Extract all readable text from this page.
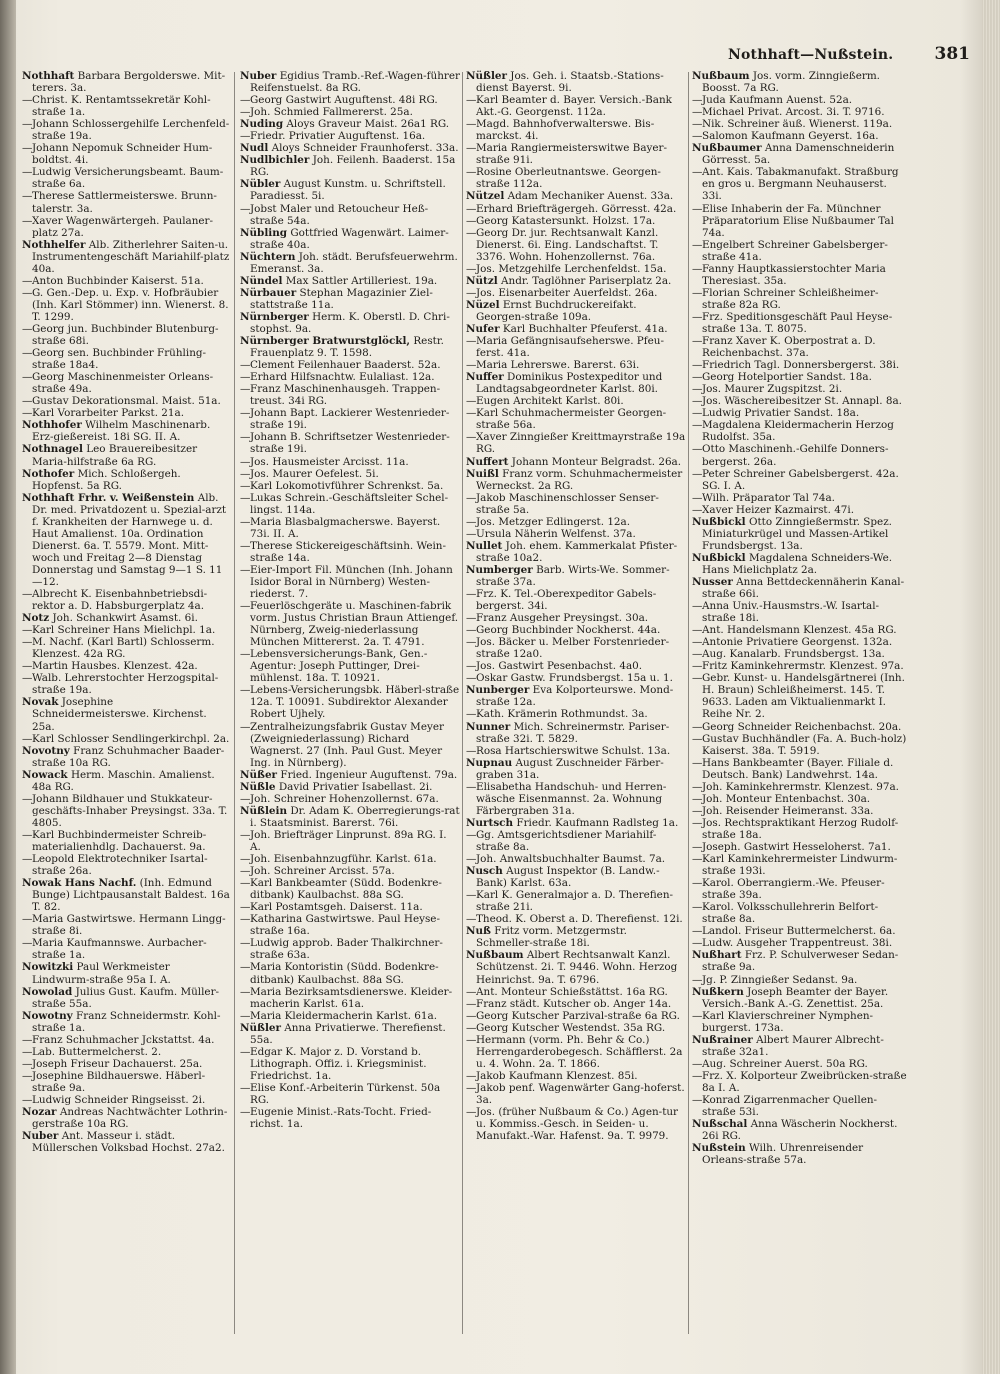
Nothhaft—Nußstein. 381

Nothhaft Barbara Bergolderswe. Mit-terers. 3a.

—Christ. K. Rentamtssekretär Kohl-straße 1a.

—Johann Schlossergehilfe Lerchenfeld-straße 19a.

—Johann Nepomuk Schneider Hum-boldtst. 4i.

—Ludwig Versicherungsbeamt. Baum-straße 6a.

—Therese Sattlermeisterswe. Brunn-talerstr. 3a.

—Xaver Wagenwärtergeh. Paulaner-platz 27a.

Nothhelfer Alb. Zitherlehrer Saiten-u. Instrumentengeschäft Mariahilf-platz 40a.

—Anton Buchbinder Kaiserst. 51a.

—G. Gen.-Dep. u. Exp. v. Hofbräubier (Inh. Karl Stömmer) inn. Wienerst. 8. T. 1299.

—Georg jun. Buchbinder Blutenburg-straße 68i.

—Georg sen. Buchbinder Frühling-straße 18a4.

—Georg Maschinenmeister Orleans-straße 49a.

—Gustav Dekorationsmal. Maist. 51a.

—Karl Vorarbeiter Parkst. 21a.

Nothhofer Wilhelm Maschinenarb. Erz-gießereist. 18i SG. II. A.

Nothnagel Leo Brauereibesitzer Maria-hilfstraße 6a RG.

Nothofer Mich. Schloßergeh. Hopfenst. 5a RG.

Nothhaft Frhr. v. Weißenstein Alb. Dr. med. Privatdozent u. Spezial-arzt f. Krankheiten der Harnwege u. d. Haut Amalienst. 10a. Ordination Dienerst. 6a. T. 5579. Mont. Mitt-woch und Freitag 2—8 Dienstag Donnerstag und Samstag 9—1 S. 11—12.

—Albrecht K. Eisenbahnbetriebsdi-rektor a. D. Habsburgerplatz 4a.

Notz Joh. Schankwirt Asamst. 6i.

—Karl Schreiner Hans Mielichpl. 1a.

—M. Nachf. (Karl Bartl) Schlosserm. Klenzest. 42a RG.

—Martin Hausbes. Klenzest. 42a.

—Walb. Lehrerstochter Herzogspital-straße 19a.

Novak Josephine Schneidermeisterswe. Kirchenst. 25a.

—Karl Schlosser Sendlingerkirchpl. 2a.

Novotny Franz Schuhmacher Baader-straße 10a RG.

Nowack Herm. Maschin. Amalienst. 48a RG.

—Johann Bildhauer und Stukkateur-geschäfts-Inhaber Preysingst. 33a. T. 4805.

—Karl Buchbindermeister Schreib-materialienhdlg. Dachauerst. 9a.

—Leopold Elektrotechniker Isartal-straße 26a.

Nowak Hans Nachf. (Inh. Edmund Bunge) Lichtpausanstalt Baldest. 16a T. 82.

—Maria Gastwirtswe. Hermann Lingg-straße 8i.

—Maria Kaufmannswe. Aurbacher-straße 1a.

Nowitzki Paul Werkmeister Lindwurm-straße 95a I. A.

Nowolad Julius Gust. Kaufm. Müller-straße 55a.

Nowotny Franz Schneidermstr. Kohl-straße 1a.

—Franz Schuhmacher Jckstattst. 4a.

—Lab. Buttermelcherst. 2.

—Joseph Friseur Dachauerst. 25a.

—Josephine Bildhauerswe. Häberl-straße 9a.

—Ludwig Schneider Ringseisst. 2i.

Nozar Andreas Nachtwächter Lothrin-gerstraße 10a RG.

Nuber Ant. Masseur i. städt. Müllerschen Volksbad Hochst. 27a2.

Nuber Egidius Tramb.-Ref.-Wagen-führer Reifenstuelst. 8a RG.

—Georg Gastwirt Auguftenst. 48i RG.

—Joh. Schmied Fallmererst. 25a.

Nuding Aloys Graveur Maist. 26a1 RG.

—Friedr. Privatier Auguftenst. 16a.

Nudl Aloys Schneider Fraunhoferst. 33a.

Nudlbichler Joh. Feilenh. Baaderst. 15a RG.

Nübler August Kunstm. u. Schriftstell. Paradiesst. 5i.

—Jobst Maler und Retoucheur Heß-straße 54a.

Nübling Gottfried Wagenwärt. Laimer-straße 40a.

Nüchtern Joh. städt. Berufsfeuerwehrm. Emeranst. 3a.

Nündel Max Sattler Artilleriest. 19a.

Nürbauer Stephan Magazinier Ziel-stattstraße 11a.

Nürnberger Herm. K. Oberstl. D. Chri-stophst. 9a.

Nürnberger Bratwurstglöckl, Restr. Frauenplatz 9. T. 1598.

—Clement Feilenhauer Baaderst. 52a.

—Erhard Hilfsnachtw. Eulaliast. 12a.

—Franz Maschinenhausgeh. Trappen-treust. 34i RG.

—Johann Bapt. Lackierer Westenrieder-straße 19i.

—Johann B. Schriftsetzer Westenrieder-straße 19i.

—Jos. Hausmeister Arcisst. 11a.

—Jos. Maurer Oefelest. 5i.

—Karl Lokomotivführer Schrenkst. 5a.

—Lukas Schrein.-Geschäftsleiter Schel-lingst. 114a.

—Maria Blasbalgmacherswe. Bayerst. 73i. II. A.

—Therese Stickereigeschäftsinh. Wein-straße 14a.

—Eier-Import Fil. München (Inh. Johann Isidor Boral in Nürnberg) Westen-riederst. 7.

—Feuerlöschgeräte u. Maschinen-fabrik vorm. Justus Christian Braun Attiengef. Nürnberg, Zweig-niederlassung München Mittererst. 2a. T. 4791.

—Lebensversicherungs-Bank, Gen.-Agentur: Joseph Puttinger, Drei-mühlenst. 18a. T. 10921.

—Lebens-Versicherungsbk. Häberl-straße 12a. T. 10091. Subdirektor Alexander Robert Ujhely.

—Zentralheizungsfabrik Gustav Meyer (Zweigniederlassung) Richard Wagnerst. 27 (Inh. Paul Gust. Meyer Ing. in Nürnberg).

Nüßer Fried. Ingenieur Auguftenst. 79a.

Nüßle David Privatier Isabellast. 2i.

—Joh. Schreiner Hohenzollernst. 67a.

Nüßlein Dr. Adam K. Oberregierungs-rat i. Staatsminist. Barerst. 76i.

—Joh. Briefträger Linprunst. 89a RG. I. A.

—Joh. Eisenbahnzugführ. Karlst. 61a.

—Joh. Schreiner Arcisst. 57a.

—Karl Bankbeamter (Südd. Bodenkre-ditbank) Kaulbachst. 88a SG.

—Karl Postamtsgeh. Daiserst. 11a.

—Katharina Gastwirtswe. Paul Heyse-straße 16a.

—Ludwig approb. Bader Thalkirchner-straße 63a.

—Maria Kontoristin (Südd. Bodenkre-ditbank) Kaulbachst. 88a SG.

—Maria Bezirksamtsdienerswe. Kleider-macherin Karlst. 61a.

—Maria Kleidermacherin Karlst. 61a.

Nüßler Anna Privatierwe. Therefienst. 55a.

—Edgar K. Major z. D. Vorstand b. Lithograph. Offiz. i. Kriegsminist. Friedrichst. 1a.

—Elise Konf.-Arbeiterin Türkenst. 50a RG.

—Eugenie Minist.-Rats-Tocht. Fried-richst. 1a.

Nüßler Jos. Geh. i. Staatsb.-Stations-dienst Bayerst. 9i.

—Karl Beamter d. Bayer. Versich.-Bank Akt.-G. Georgenst. 112a.

—Magd. Bahnhofverwalterswe. Bis-marckst. 4i.

—Maria Rangiermeisterswitwe Bayer-straße 91i.

—Rosine Oberleutnantswe. Georgen-straße 112a.

Nützel Adam Mechaniker Auenst. 33a.

—Erhard Briefträgergeh. Görresst. 42a.

—Georg Katastersunkt. Holzst. 17a.

—Georg Dr. jur. Rechtsanwalt Kanzl. Dienerst. 6i. Eing. Landschaftst. T. 3376. Wohn. Hohenzollernst. 76a.

—Jos. Metzgehilfe Lerchenfeldst. 15a.

Nützl Andr. Taglöhner Pariserplatz 2a.

—Jos. Eisenarbeiter Auerfeldst. 26a.

Nüzel Ernst Buchdruckereifakt. Georgen-straße 109a.

Nufer Karl Buchhalter Pfeuferst. 41a.

—Maria Gefängnisaufseherswe. Pfeu-ferst. 41a.

—Maria Lehrerswe. Barerst. 63i.

Nuffer Dominikus Postexpeditor und Landtagsabgeordneter Karlst. 80i.

—Eugen Architekt Karlst. 80i.

—Karl Schuhmachermeister Georgen-straße 56a.

—Xaver Zinngießer Kreittmayrstraße 19a RG.

Nuffert Johann Monteur Belgradst. 26a.

Nuißl Franz vorm. Schuhmachermeister Werneckst. 2a RG.

—Jakob Maschinenschlosser Senser-straße 5a.

—Jos. Metzger Edlingerst. 12a.

—Ursula Näherin Welfenst. 37a.

Nullet Joh. ehem. Kammerkalat Pfister-straße 10a2.

Numberger Barb. Wirts-We. Sommer-straße 37a.

—Frz. K. Tel.-Oberexpeditor Gabels-bergerst. 34i.

—Franz Ausgeher Preysingst. 30a.

—Georg Buchbinder Nockherst. 44a.

—Jos. Bäcker u. Melber Forstenrieder-straße 12a0.

—Jos. Gastwirt Pesenbachst. 4a0.

—Oskar Gastw. Frundsbergst. 15a u. 1.

Nunberger Eva Kolporteurswe. Mond-straße 12a.

—Kath. Krämerin Rothmundst. 3a.

Nunner Mich. Schreinermstr. Pariser-straße 32i. T. 5829.

—Rosa Hartschierswitwe Schulst. 13a.

Nupnau August Zuschneider Färber-graben 31a.

—Elisabetha Handschuh- und Herren-wäsche Eisenmannst. 2a. Wohnung Färbergraben 31a.

Nurtsch Friedr. Kaufmann Radlsteg 1a.

—Gg. Amtsgerichtsdiener Mariahilf-straße 8a.

—Joh. Anwaltsbuchhalter Baumst. 7a.

Nusch August Inspektor (B. Landw.-Bank) Karlst. 63a.

—Karl K. Generalmajor a. D. Therefien-straße 21i.

—Theod. K. Oberst a. D. Therefienst. 12i.

Nuß Fritz vorm. Metzgermstr. Schmeller-straße 18i.

Nußbaum Albert Rechtsanwalt Kanzl. Schützenst. 2i. T. 9446. Wohn. Herzog Heinrichst. 9a. T. 6796.

—Ant. Monteur Schießstättst. 16a RG.

—Franz städt. Kutscher ob. Anger 14a.

—Georg Kutscher Parzival-straße 6a RG.

—Georg Kutscher Westendst. 35a RG.

—Hermann (vorm. Ph. Behr & Co.) Herrengarderobegesch. Schäfflerst. 2a u. 4. Wohn. 2a. T. 1866.

—Jakob Kaufmann Klenzest. 85i.

—Jakob penf. Wagenwärter Gang-hoferst. 3a.

—Jos. (früher Nußbaum & Co.) Agen-tur u. Kommiss.-Gesch. in Seiden- u. Manufakt.-War. Hafenst. 9a. T. 9979.

Nußbaum Jos. vorm. Zinngießerm. Boosst. 7a RG.

—Juda Kaufmann Auenst. 52a.

—Michael Privat. Arcost. 3i. T. 9716.

—Nik. Schreiner äuß. Wienerst. 119a.

—Salomon Kaufmann Geyerst. 16a.

Nußbaumer Anna Damenschneiderin Görresst. 5a.

—Ant. Kais. Tabakmanufakt. Straßburg en gros u. Bergmann Neuhauserst. 33i.

—Elise Inhaberin der Fa. Münchner Präparatorium Elise Nußbaumer Tal 74a.

—Engelbert Schreiner Gabelsberger-straße 41a.

—Fanny Hauptkassierstochter Maria Theresiast. 35a.

—Florian Schreiner Schleißheimer-straße 82a RG.

—Frz. Speditionsgeschäft Paul Heyse-straße 13a. T. 8075.

—Franz Xaver K. Oberpostrat a. D. Reichenbachst. 37a.

—Friedrich Tagl. Donnersbergerst. 38i.

—Georg Hotelportier Sandst. 18a.

—Jos. Maurer Zugspitzst. 2i.

—Jos. Wäschereibesitzer St. Annapl. 8a.

—Ludwig Privatier Sandst. 18a.

—Magdalena Kleidermacherin Herzog Rudolfst. 35a.

—Otto Maschinenh.-Gehilfe Donners-bergerst. 26a.

—Peter Schreiner Gabelsbergerst. 42a. SG. I. A.

—Wilh. Präparator Tal 74a.

—Xaver Heizer Kazmairst. 47i.

Nußbickl Otto Zinngießermstr. Spez. Miniaturkrügel und Massen-Artikel Frundsbergst. 13a.

Nußbickl Magdalena Schneiders-We. Hans Mielichplatz 2a.

Nusser Anna Bettdeckennäherin Kanal-straße 66i.

—Anna Univ.-Hausmstrs.-W. Isartal-straße 18i.

—Ant. Handelsmann Klenzest. 45a RG.

—Antonie Privatiere Georgenst. 132a.

—Aug. Kanalarb. Frundsbergst. 13a.

—Fritz Kaminkehrermstr. Klenzest. 97a.

—Gebr. Kunst- u. Handelsgärtnerei (Inh. H. Braun) Schleißheimerst. 145. T. 9633. Laden am Viktualienmarkt I. Reihe Nr. 2.

—Georg Schneider Reichenbachst. 20a.

—Gustav Buchhändler (Fa. A. Buch-holz) Kaiserst. 38a. T. 5919.

—Hans Bankbeamter (Bayer. Filiale d. Deutsch. Bank) Landwehrst. 14a.

—Joh. Kaminkehrermstr. Klenzest. 97a.

—Joh. Monteur Entenbachst. 30a.

—Joh. Reisender Heimeranst. 33a.

—Jos. Rechtspraktikant Herzog Rudolf-straße 18a.

—Joseph. Gastwirt Hesseloherst. 7a1.

—Karl Kaminkehrermeister Lindwurm-straße 193i.

—Karol. Oberrangierm.-We. Pfeuser-straße 39a.

—Karol. Volksschullehrerin Belfort-straße 8a.

—Landol. Friseur Buttermelcherst. 6a.

—Ludw. Ausgeher Trappentreust. 38i.

Nußhart Frz. P. Schulverweser Sedan-straße 9a.

—Jg. P. Zinngießer Sedanst. 9a.

Nußkern Joseph Beamter der Bayer. Versich.-Bank A.-G. Zenettist. 25a.

—Karl Klavierschreiner Nymphen-burgerst. 173a.

Nußrainer Albert Maurer Albrecht-straße 32a1.

—Aug. Schreiner Auerst. 50a RG.

—Frz. X. Kolporteur Zweibrücken-straße 8a I. A.

—Konrad Zigarrenmacher Quellen-straße 53i.

Nußschal Anna Wäscherin Nockherst. 26i RG.

Nußstein Wilh. Uhrenreisender Orleans-straße 57a.
